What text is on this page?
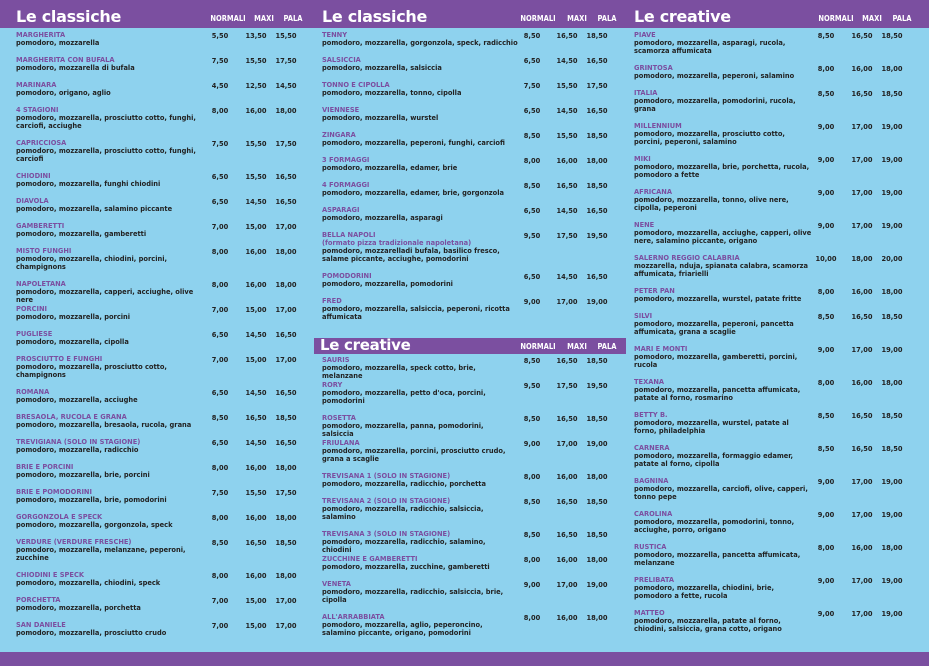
Le classiche	NORMALI	MAXI	PALA
MARGHERITA
pomodoro, mozzarella
5,50	13,50	15,50
MARGHERITA CON BUFALA
pomodoro, mozzarella di bufala
7,50	15,50	17,50
MARINARA
pomodoro, origano, aglio
4,50	12,50	14,50
4 STAGIONI
pomodoro, mozzarella, prosciutto cotto, funghi, carciofi, acciughe
8,00	16,00	18,00
CAPRICCIOSA
pomodoro, mozzarella, prosciutto cotto, funghi, carciofi
7,50	15,50	17,50
CHIODINI
pomodoro, mozzarella, funghi chiodini
6,50	15,50	16,50
DIAVOLA
pomodoro, mozzarella, salamino piccante
6,50	14,50	16,50
GAMBERETTI
pomodoro, mozzarella, gamberetti
7,00	15,00	17,00
MISTO FUNGHI
pomodoro, mozzarella, chiodini, porcini, champignons
8,00	16,00	18,00
NAPOLETANA
pomodoro, mozzarella, capperi, acciughe, olive nere
8,00	16,00	18,00
PORCINI
pomodoro, mozzarella, porcini
7,00	15,00	17,00
PUGLIESE
pomodoro, mozzarella, cipolla
6,50	14,50	16,50
PROSCIUTTO E FUNGHI
pomodoro, mozzarella, prosciutto cotto, champignons
7,00	15,00	17,00
ROMANA
pomodoro, mozzarella, acciughe
6,50	14,50	16,50
BRESAOLA, RUCOLA E GRANA
pomodoro, mozzarella, bresaola, rucola, grana
8,50	16,50	18,50
TREVIGIANA (SOLO IN STAGIONE)
pomodoro, mozzarella, radicchio
6,50	14,50	16,50
BRIE E PORCINI
pomodoro, mozzarella, brie, porcini
8,00	16,00	18,00
BRIE E POMODORINI
pomodoro, mozzarella, brie, pomodorini
7,50	15,50	17,50
GORGONZOLA E SPECK
pomodoro, mozzarella, gorgonzola, speck
8,00	16,00	18,00
VERDURE (VERDURE FRESCHE)
pomodoro, mozzarella, melanzane, peperoni, zucchine
8,50	16,50	18,50
CHIODINI E SPECK
pomodoro, mozzarella, chiodini, speck
8,00	16,00	18,00
PORCHETTA
pomodoro, mozzarella, porchetta
7,00	15,00	17,00
SAN DANIELE
pomodoro, mozzarella, prosciutto crudo
7,00	15,00	17,00
Le classiche	NORMALI	MAXI	PALA
TENNY
pomodoro, mozzarella, gorgonzola, speck, radicchio
8,50	16,50	18,50
SALSICCIA
pomodoro, mozzarella, salsiccia
6,50	14,50	16,50
TONNO E CIPOLLA
pomodoro, mozzarella, tonno, cipolla
7,50	15,50	17,50
VIENNESE
pomodoro, mozzarella, wurstel
6,50	14,50	16,50
ZINGARA
pomodoro, mozzarella, peperoni, funghi, carciofi
8,50	15,50	18,50
3 FORMAGGI
pomodoro, mozzarella, edamer, brie
8,00	16,00	18,00
4 FORMAGGI
pomodoro, mozzarella, edamer, brie, gorgonzola
8,50	16,50	18,50
ASPARAGI
pomodoro, mozzarella, asparagi
6,50	14,50	16,50
BELLA NAPOLI
(formato pizza tradizionale napoletana)
pomodoro, mozzarelladi bufala, basilico fresco, salame piccante, acciughe, pomodorini
9,50	17,50	19,50
POMODORINI
pomodoro, mozzarella, pomodorini
6,50	14,50	16,50
FRED
pomodoro, mozzarella, salsiccia, peperoni, ricotta affumicata
9,00	17,00	19,00
Le creative	NORMALI	MAXI	PALA
SAURIS
pomodoro, mozzarella, speck cotto, brie, melanzane
8,50	16,50	18,50
RORY
pomodoro, mozzarella, petto d'oca, porcini, pomodorini
9,50	17,50	19,50
ROSETTA
pomodoro, mozzarella, panna, pomodorini, salsiccia
8,50	16,50	18,50
FRIULANA
pomodoro, mozzarella, porcini, prosciutto crudo, grana a scaglie
9,00	17,00	19,00
TREVISANA 1 (SOLO IN STAGIONE)
pomodoro, mozzarella, radicchio, porchetta
8,00	16,00	18,00
TREVISANA 2 (SOLO IN STAGIONE)
pomodoro, mozzarella, radicchio, salsiccia, salamino
8,50	16,50	18,50
TREVISANA 3 (SOLO IN STAGIONE)
pomodoro, mozzarella, radicchio, salamino, chiodini
8,50	16,50	18,50
ZUCCHINE E GAMBERETTI
pomodoro, mozzarella, zucchine, gamberetti
8,00	16,00	18,00
VENETA
pomodoro, mozzarella, radicchio, salsiccia, brie, cipolla
9,00	17,00	19,00
ALL'ARRABBIATA
pomodoro, mozzarella, aglio, peperoncino, salamino piccante, origano, pomodorini
8,00	16,00	18,00
Le creative	NORMALI	MAXI	PALA
PIAVE
pomodoro, mozzarella, asparagi, rucola, scamorza affumicata
8,50	16,50	18,50
GRINTOSA
pomodoro, mozzarella, peperoni, salamino
8,00	16,00	18,00
ITALIA
pomodoro, mozzarella, pomodorini, rucola, grana
8,50	16,50	18,50
MILLENNIUM
pomodoro, mozzarella, prosciutto cotto, porcini, peperoni, salamino
9,00	17,00	19,00
MIKI
pomodoro, mozzarella, brie, porchetta, rucola, pomodoro a fette
9,00	17,00	19,00
AFRICANA
pomodoro, mozzarella, tonno, olive nere, cipolla, peperoni
9,00	17,00	19,00
NENE
pomodoro, mozzarella, acciughe, capperi, olive nere, salamino piccante, origano
9,00	17,00	19,00
SALERNO REGGIO CALABRIA
mozzarella, nduja, spianata calabra, scamorza affumicata, friarielli
10,00	18,00	20,00
PETER PAN
pomodoro, mozzarella, wurstel, patate fritte
8,00	16,00	18,00
SILVI
pomodoro, mozzarella, peperoni, pancetta affumicata, grana a scaglie
8,50	16,50	18,50
MARI E MONTI
pomodoro, mozzarella, gamberetti, porcini, rucola
9,00	17,00	19,00
TEXANA
pomodoro, mozzarella, pancetta affumicata, patate al forno, rosmarino
8,00	16,00	18,00
BETTY B.
pomodoro, mozzarella, wurstel, patate al forno, philadelphia
8,50	16,50	18,50
CARNERA
pomodoro, mozzarella, formaggio edamer, patate al forno, cipolla
8,50	16,50	18,50
BAGNINA
pomodoro, mozzarella, carciofi, olive, capperi, tonno pepe
9,00	17,00	19,00
CAROLINA
pomodoro, mozzarella, pomodorini, tonno, acciughe, porro, origano
9,00	17,00	19,00
RUSTICA
pomodoro, mozzarella, pancetta affumicata, melanzane
8,00	16,00	18,00
PRELIBATA
pomodoro, mozzarella, chiodini, brie, pomodoro a fette, rucola
9,00	17,00	19,00
MATTEO
pomodoro, mozzarella, patate al forno, chiodini, salsiccia, grana cotto, origano
9,00	17,00	19,00
